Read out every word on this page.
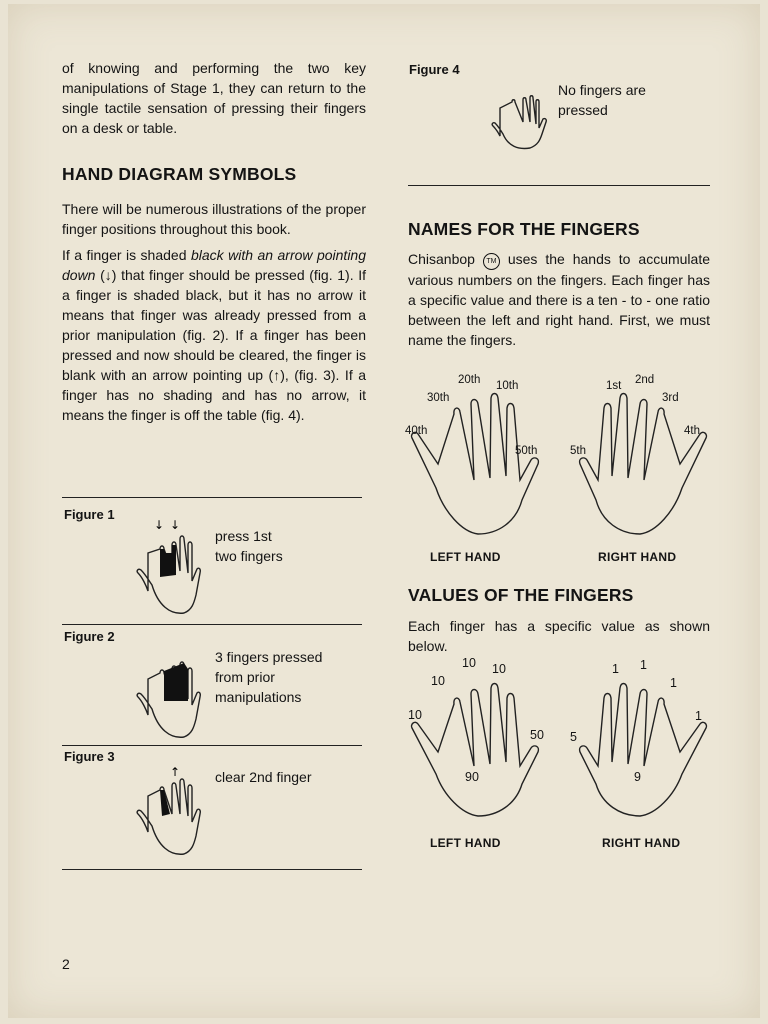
of knowing and performing the two key manipulations of Stage 1, they can return to the single tactile sensation of pressing their fingers on a desk or table.

HAND DIAGRAM SYMBOLS

There will be numerous illustrations of the proper finger positions throughout this book.

If a finger is shaded black with an arrow pointing down (↓) that finger should be pressed (fig. 1). If a finger is shaded black, but it has no arrow it means that finger was already pressed from a prior manipulation (fig. 2). If a finger has been pressed and now should be cleared, the finger is blank with an arrow pointing up (↑), (fig. 3). If a finger has no shading and has no arrow, it means the finger is off the table (fig. 4).

Figure 1
↓ ↓
press 1st
two fingers
Figure 2
3 fingers pressed
from prior
manipulations
Figure 3
↑ clear 2nd finger
2
Figure 4
No fingers are
pressed
NAMES FOR THE FINGERS

Chisanbop TM uses the hands to accumulate various numbers on the fingers. Each finger has a specific value and there is a ten - to - one ratio between the left and right hand. First, we must name the fingers.

40th
30th
20th 10th
50th	5th
1st 2nd
3rd
4th
LEFT HAND	RIGHT HAND
VALUES OF THE FINGERS

Each finger has a specific value as shown below.

10
10
10 10
50
90
5
1 1
1
1
9
LEFT HAND	RIGHT HAND
